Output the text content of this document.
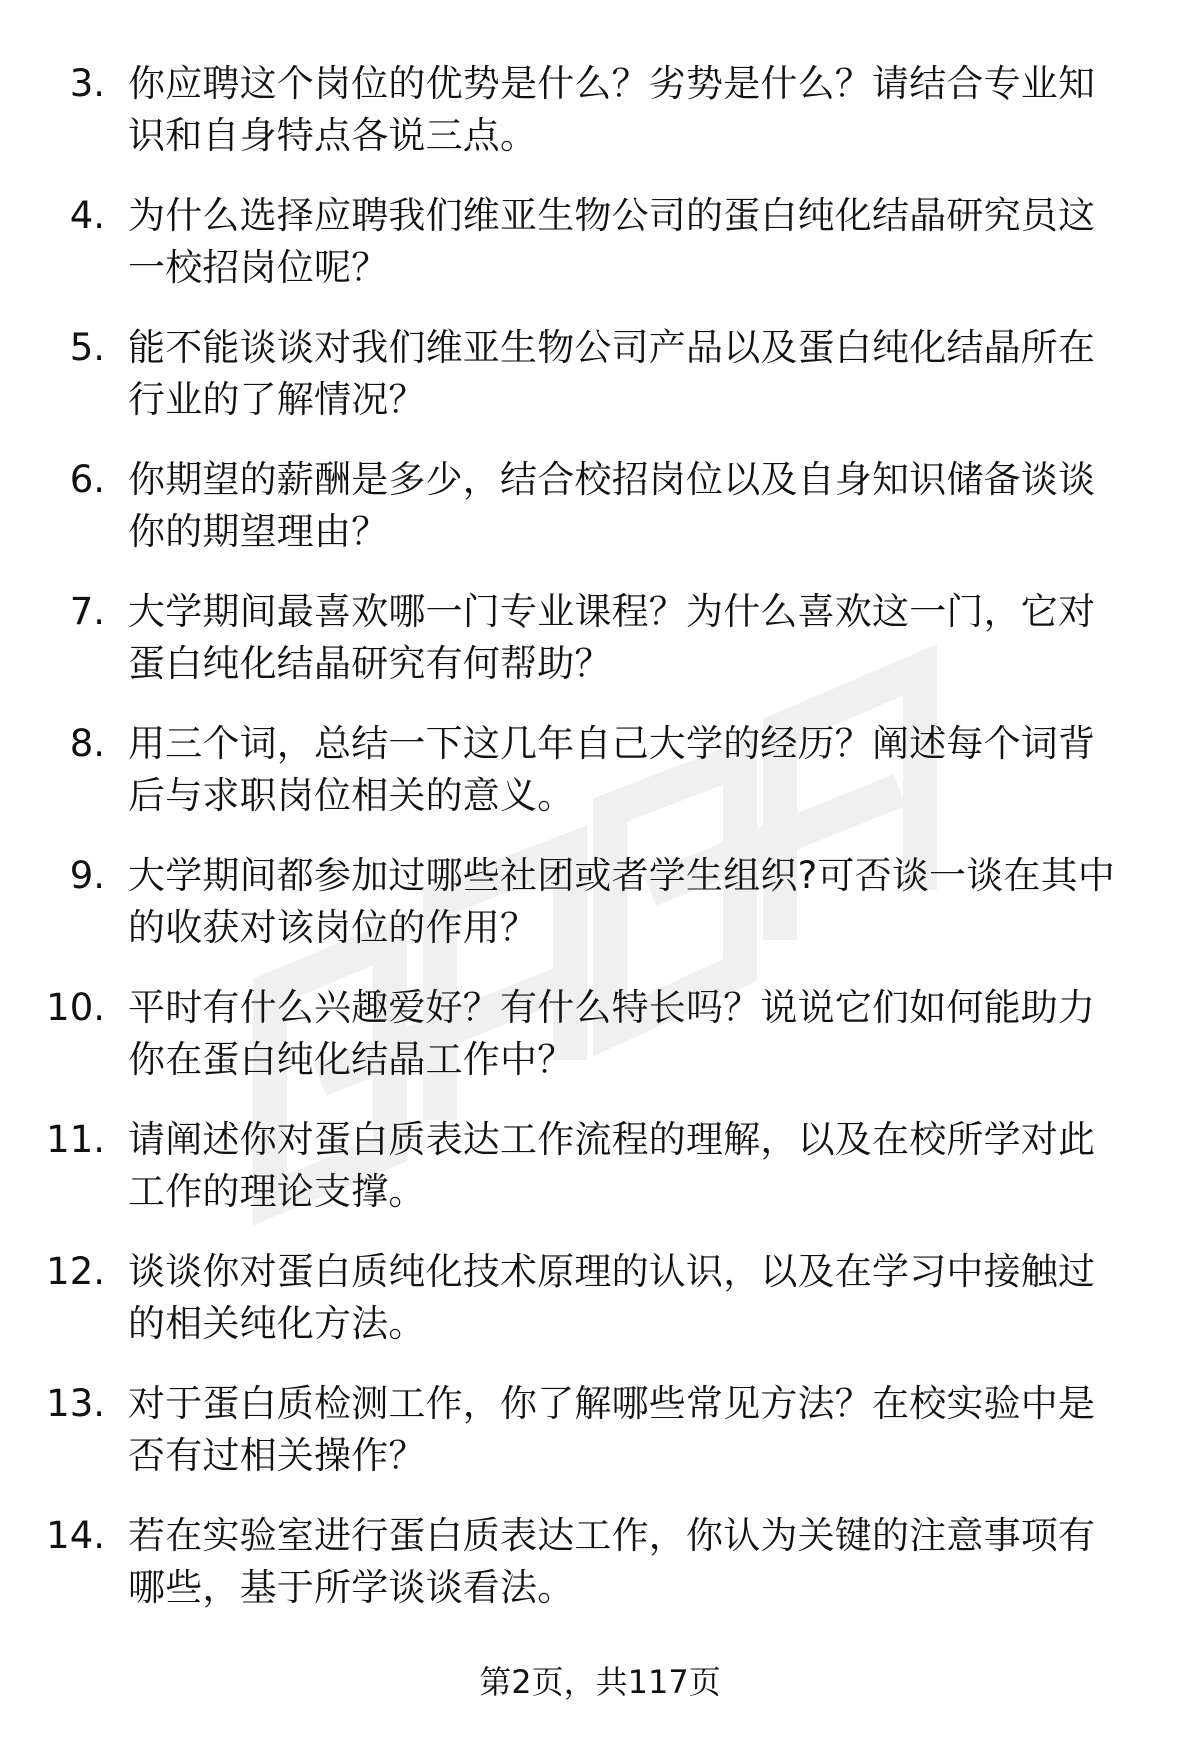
3. 你应聘这个岗位的优势是什么？劣势是什么？请结合专业知识和自身特点各说三点。
4. 为什么选择应聘我们维亚生物公司的蛋白纯化结晶研究员这一校招岗位呢？
5. 能不能谈谈对我们维亚生物公司产品以及蛋白纯化结晶所在行业的了解情况？
6. 你期望的薪酬是多少，结合校招岗位以及自身知识储备谈谈你的期望理由？
7. 大学期间最喜欢哪一门专业课程？为什么喜欢这一门，它对蛋白纯化结晶研究有何帮助？
8. 用三个词，总结一下这几年自己大学的经历？阐述每个词背后与求职岗位相关的意义。
9. 大学期间都参加过哪些社团或者学生组织?可否谈一谈在其中的收获对该岗位的作用？
10. 平时有什么兴趣爱好？有什么特长吗？说说它们如何能助力你在蛋白纯化结晶工作中？
11. 请阐述你对蛋白质表达工作流程的理解，以及在校所学对此工作的理论支撑。
12. 谈谈你对蛋白质纯化技术原理的认识，以及在学习中接触过的相关纯化方法。
13. 对于蛋白质检测工作，你了解哪些常见方法？在校实验中是否有过相关操作？
14. 若在实验室进行蛋白质表达工作，你认为关键的注意事项有哪些，基于所学谈谈看法。
第2页，共117页
